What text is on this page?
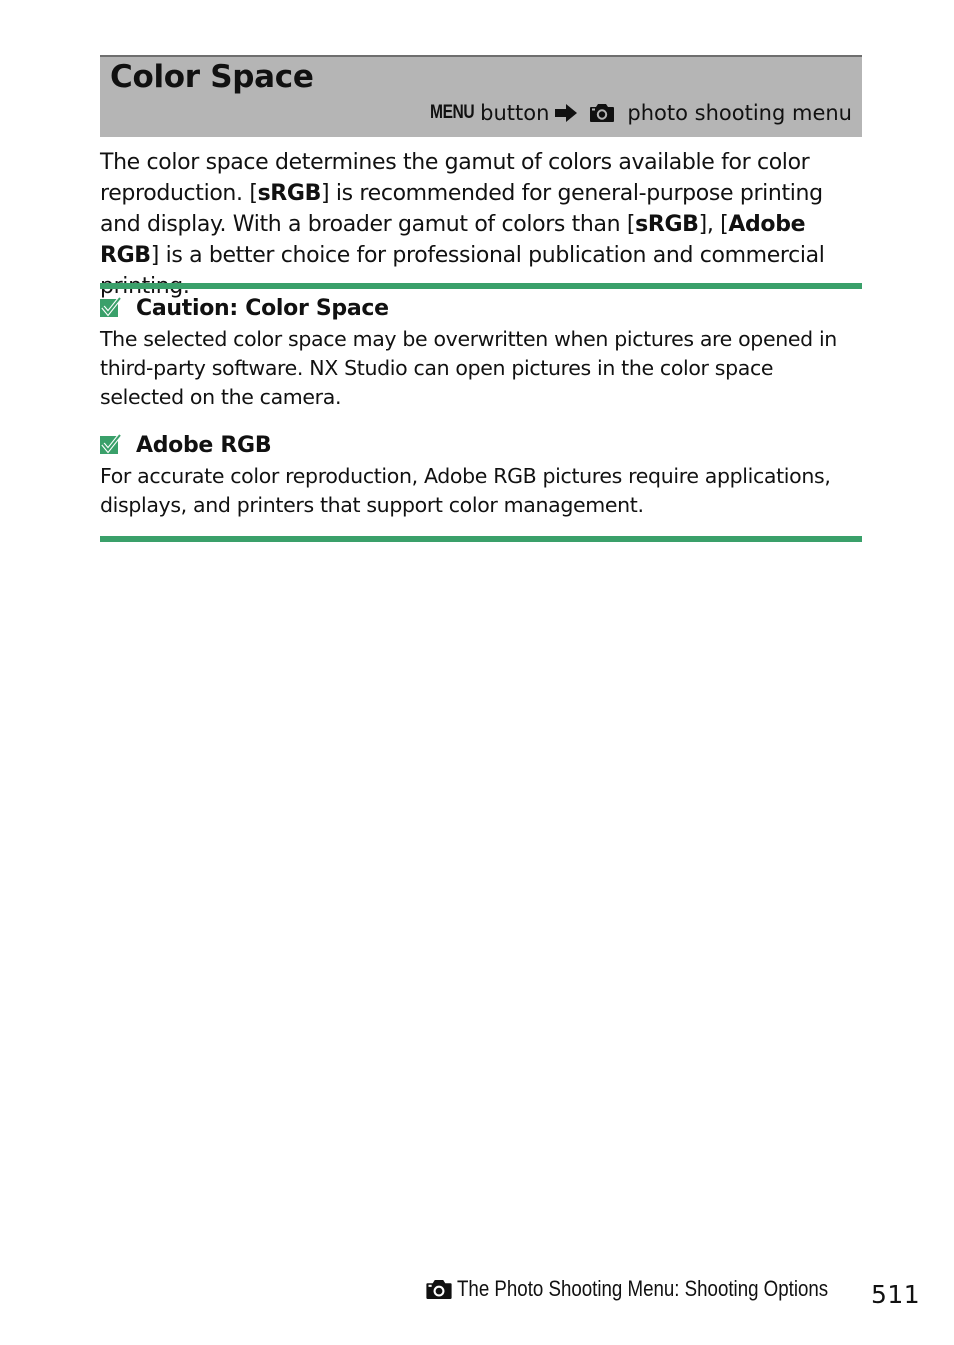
Color Space
MENU button	photo shooting menu
The color space determines the gamut of colors available for color reproduction. [sRGB] is recommended for general-purpose printing and display. With a broader gamut of colors than [sRGB], [Adobe RGB] is a better choice for professional publication and commercial
Caution: Color Space
The selected color space may be overwritten when pictures are opened in third-party software. NX Studio can open pictures in the color space selected on the camera.
Adobe RGB
For accurate color reproduction, Adobe RGB pictures require applications, displays, and printers that support color management.
The Photo Shooting Menu: Shooting Options 511
